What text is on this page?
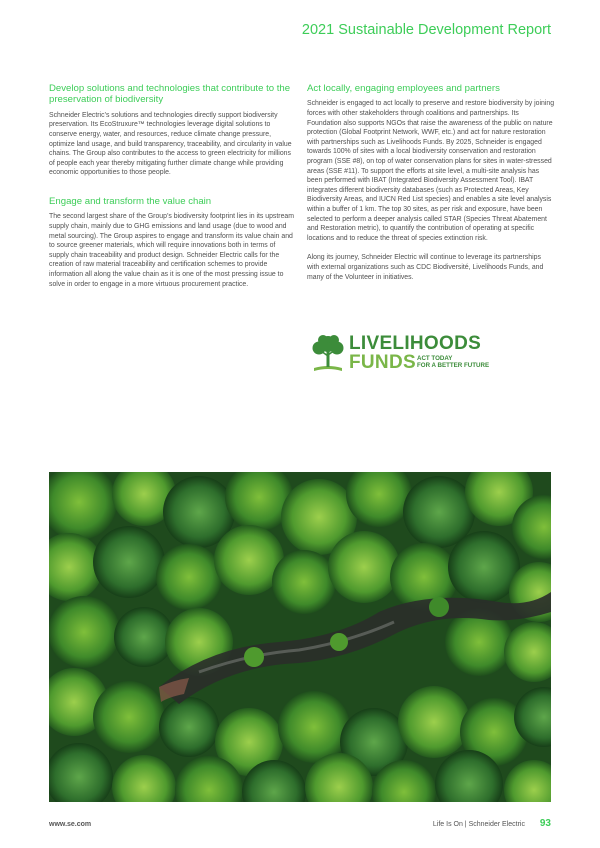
2021 Sustainable Development Report
Develop solutions and technologies that contribute to the preservation of biodiversity

Schneider Electric’s solutions and technologies directly support biodiversity preservation. Its EcoStruxure™ technologies leverage digital solutions to conserve energy, water, and resources, reduce climate change pressure, optimize land usage, and build transparency, traceability, and circularity in value chains. The Group also contributes to the access to green electricity for millions of people each year thereby mitigating further climate change while providing economic opportunities to those people.

Engage and transform the value chain

The second largest share of the Group’s biodiversity footprint lies in its upstream supply chain, mainly due to GHG emissions and land usage (due to wood and metal sourcing). The Group aspires to engage and transform its value chain and to source greener materials, which will require innovations both in terms of supply chain traceability and product design. Schneider Electric calls for the creation of raw material traceability and certification schemes to provide information all along the value chain as it is one of the most pressing issue to solve in order to engage in a more virtuous procurement practice.

Act locally, engaging employees and partners

Schneider is engaged to act locally to preserve and restore biodiversity by joining forces with other stakeholders through coalitions and partnerships. Its Foundation also supports NGOs that raise the awareness of the public on nature protection (Global Footprint Network, WWF, etc.) and act for nature restoration with partnerships such as Livelihoods Funds. By 2025, Schneider is engaged towards 100% of sites with a local biodiversity conservation and restoration program (SSE #8), on top of water conservation plans for sites in water-stressed areas (SSE #11). To support the efforts at site level, a multi-site analysis has been performed with IBAT (Integrated Biodiversity Assessment Tool). IBAT integrates different biodiversity databases (such as Protected Areas, Key Biodiversity Areas, and IUCN Red List species) and enables a site level analysis within a buffer of 1 km. The top 30 sites, as per risk and exposure, have been selected to perform a deeper analysis called STAR (Species Threat Abatement and Restoration metric), to quantify the contribution of operating at specific locations and to reduce the threat of species extinction risk.

Along its journey, Schneider Electric will continue to leverage its partnerships with external organizations such as CDC Biodiversité, Livelihoods Funds, and many of the Volunteer in initiatives.

LIVELIHOODS
FUNDS ACT TODAY
FOR A BETTER FUTURE
www.se.com	Life Is On | Schneider Electric 93
